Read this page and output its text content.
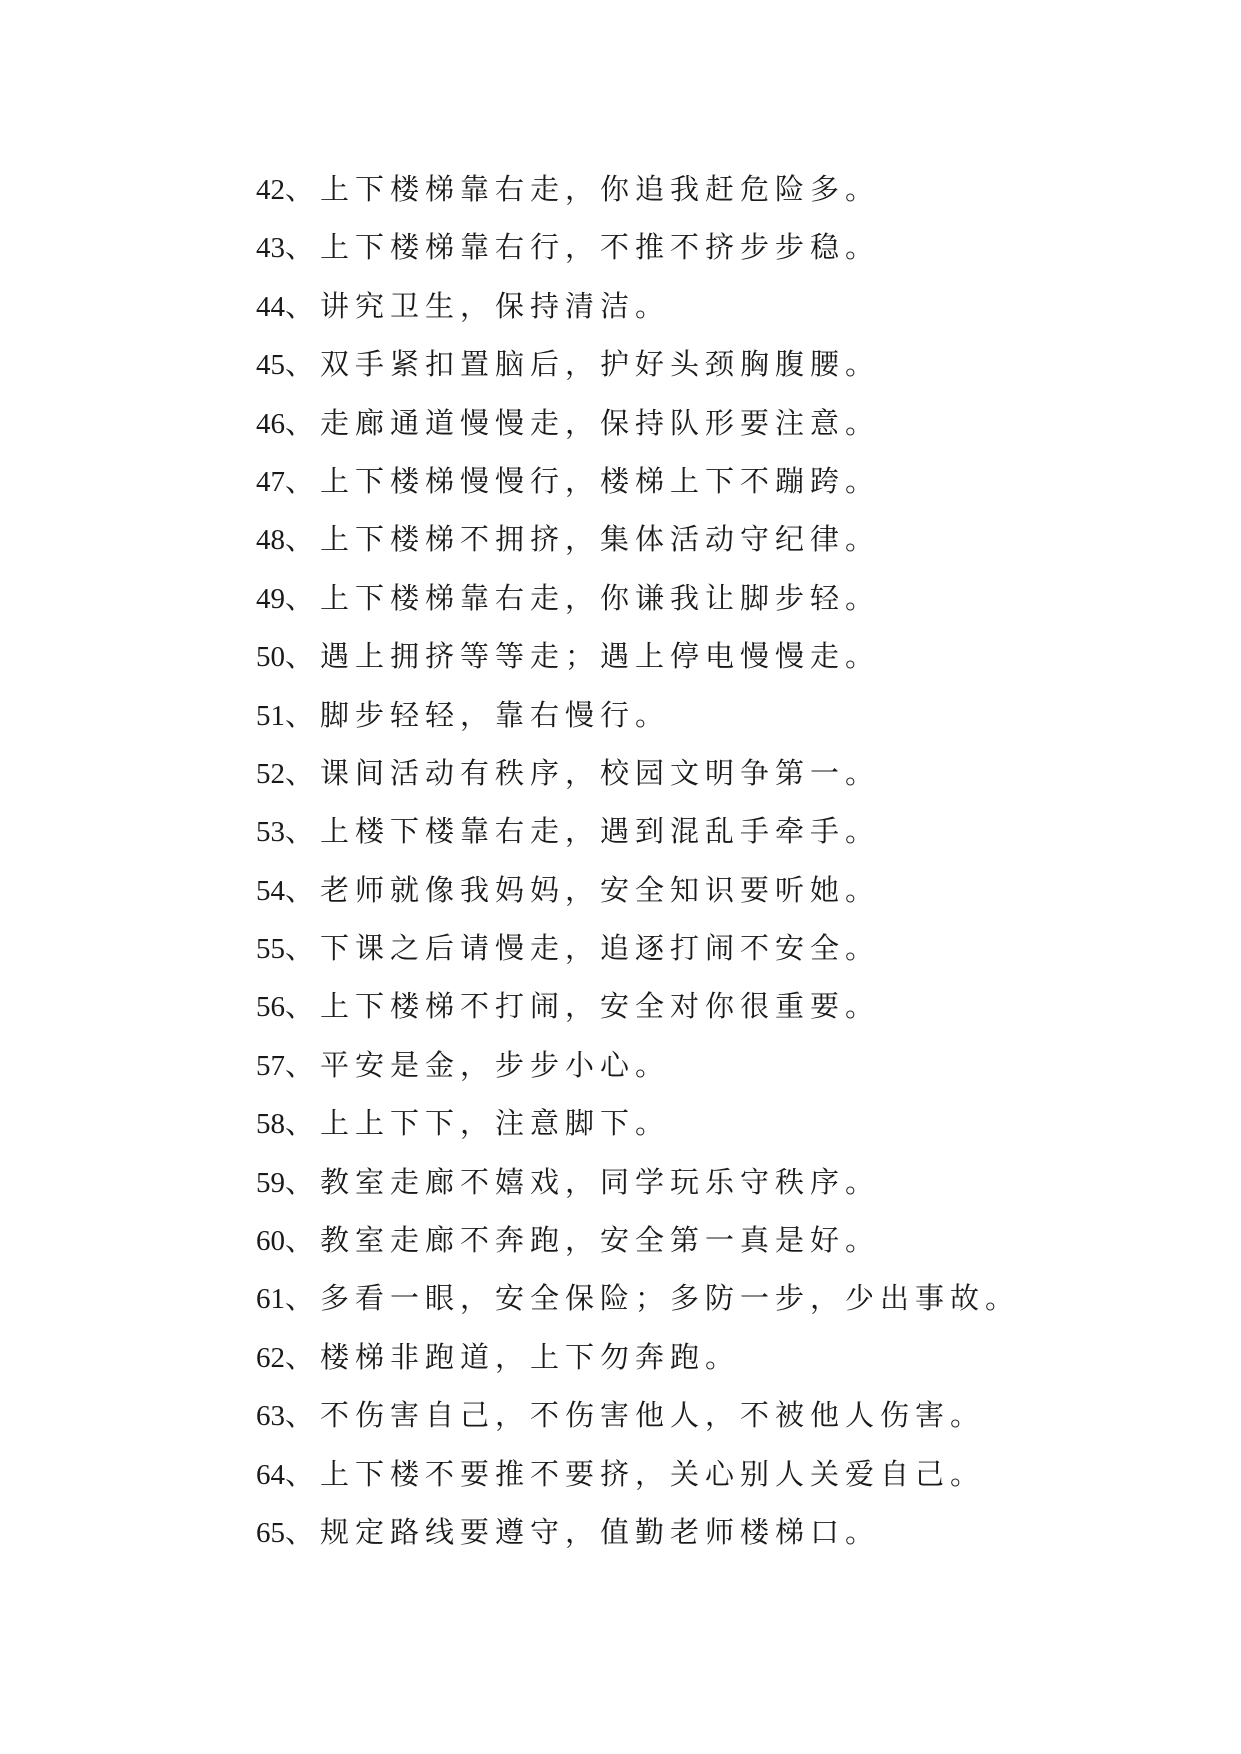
42、上下楼梯靠右走，你追我赶危险多。
43、上下楼梯靠右行，不推不挤步步稳。
44、讲究卫生，保持清洁。
45、双手紧扣置脑后，护好头颈胸腹腰。
46、走廊通道慢慢走，保持队形要注意。
47、上下楼梯慢慢行，楼梯上下不蹦跨。
48、上下楼梯不拥挤，集体活动守纪律。
49、上下楼梯靠右走，你谦我让脚步轻。
50、遇上拥挤等等走；遇上停电慢慢走。
51、脚步轻轻，靠右慢行。
52、课间活动有秩序，校园文明争第一。
53、上楼下楼靠右走，遇到混乱手牵手。
54、老师就像我妈妈，安全知识要听她。
55、下课之后请慢走，追逐打闹不安全。
56、上下楼梯不打闹，安全对你很重要。
57、平安是金，步步小心。
58、上上下下，注意脚下。
59、教室走廊不嬉戏，同学玩乐守秩序。
60、教室走廊不奔跑，安全第一真是好。
61、多看一眼，安全保险；多防一步，少出事故。
62、楼梯非跑道，上下勿奔跑。
63、不伤害自己，不伤害他人，不被他人伤害。
64、上下楼不要推不要挤，关心别人关爱自己。
65、规定路线要遵守，值勤老师楼梯口。
